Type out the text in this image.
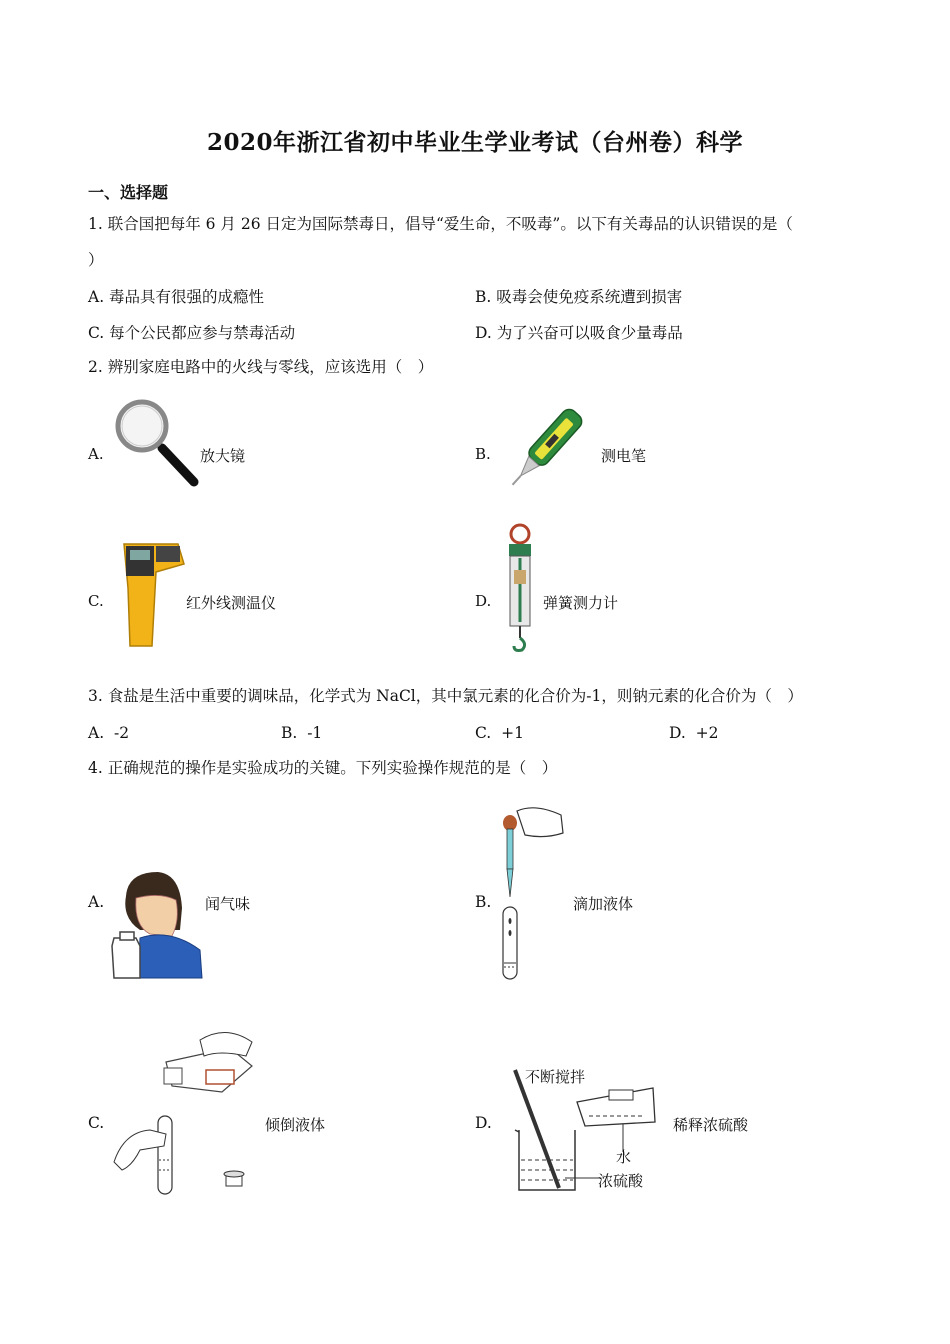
2020年浙江省初中毕业生学业考试（台州卷）科学
一、选择题
1. 联合国把每年 6 月 26 日定为国际禁毒日，倡导“爱生命，不吸毒”。以下有关毒品的认识错误的是（
）
A. 毒品具有很强的成瘾性	B. 吸毒会使免疫系统遭到损害
C. 每个公民都应参与禁毒活动	D. 为了兴奋可以吸食少量毒品
2. 辨别家庭电路中的火线与零线，应该选用（　）
A.	放大镜	B.	测电笔
C.	红外线测温仪	D.	弹簧测力计
3. 食盐是生活中重要的调味品，化学式为 NaCl，其中氯元素的化合价为-1，则钠元素的化合价为（　）
A. -2	B. -1	C. +1	D. +2
4. 正确规范的操作是实验成功的关键。下列实验操作规范的是（　）
A.	闻气味	B.	滴加液体
C.	倾倒液体	D.
不断搅拌
水
浓硫酸
稀释浓硫酸
